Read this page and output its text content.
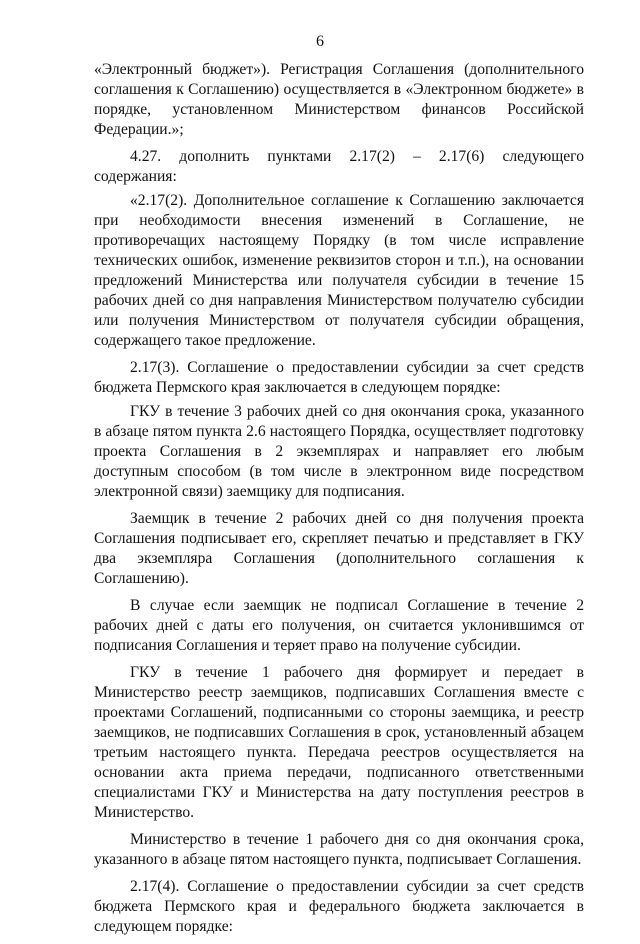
6

«Электронный бюджет»). Регистрация Соглашения (дополнительного соглашения к Соглашению) осуществляется в «Электронном бюджете» в порядке, установленном Министерством финансов Российской Федерации.»;

4.27. дополнить пунктами 2.17(2) – 2.17(6) следующего содержания:

«2.17(2). Дополнительное соглашение к Соглашению заключается при необходимости внесения изменений в Соглашение, не противоречащих настоящему Порядку (в том числе исправление технических ошибок, изменение реквизитов сторон и т.п.), на основании предложений Министерства или получателя субсидии в течение 15 рабочих дней со дня направления Министерством получателю субсидии или получения Министерством от получателя субсидии обращения, содержащего такое предложение.

2.17(3). Соглашение о предоставлении субсидии за счет средств бюджета Пермского края заключается в следующем порядке:

ГКУ в течение 3 рабочих дней со дня окончания срока, указанного в абзаце пятом пункта 2.6 настоящего Порядка, осуществляет подготовку проекта Соглашения в 2 экземплярах и направляет его любым доступным способом (в том числе в электронном виде посредством электронной связи) заемщику для подписания.

Заемщик в течение 2 рабочих дней со дня получения проекта Соглашения подписывает его, скрепляет печатью и представляет в ГКУ два экземпляра Соглашения (дополнительного соглашения к Соглашению).

В случае если заемщик не подписал Соглашение в течение 2 рабочих дней с даты его получения, он считается уклонившимся от подписания Соглашения и теряет право на получение субсидии.

ГКУ в течение 1 рабочего дня формирует и передает в Министерство реестр заемщиков, подписавших Соглашения вместе с проектами Соглашений, подписанными со стороны заемщика, и реестр заемщиков, не подписавших Соглашения в срок, установленный абзацем третьим настоящего пункта. Передача реестров осуществляется на основании акта приема передачи, подписанного ответственными специалистами ГКУ и Министерства на дату поступления реестров в Министерство.

Министерство в течение 1 рабочего дня со дня окончания срока, указанного в абзаце пятом настоящего пункта, подписывает Соглашения.

2.17(4). Соглашение о предоставлении субсидии за счет средств бюджета Пермского края и федерального бюджета заключается в следующем порядке:
